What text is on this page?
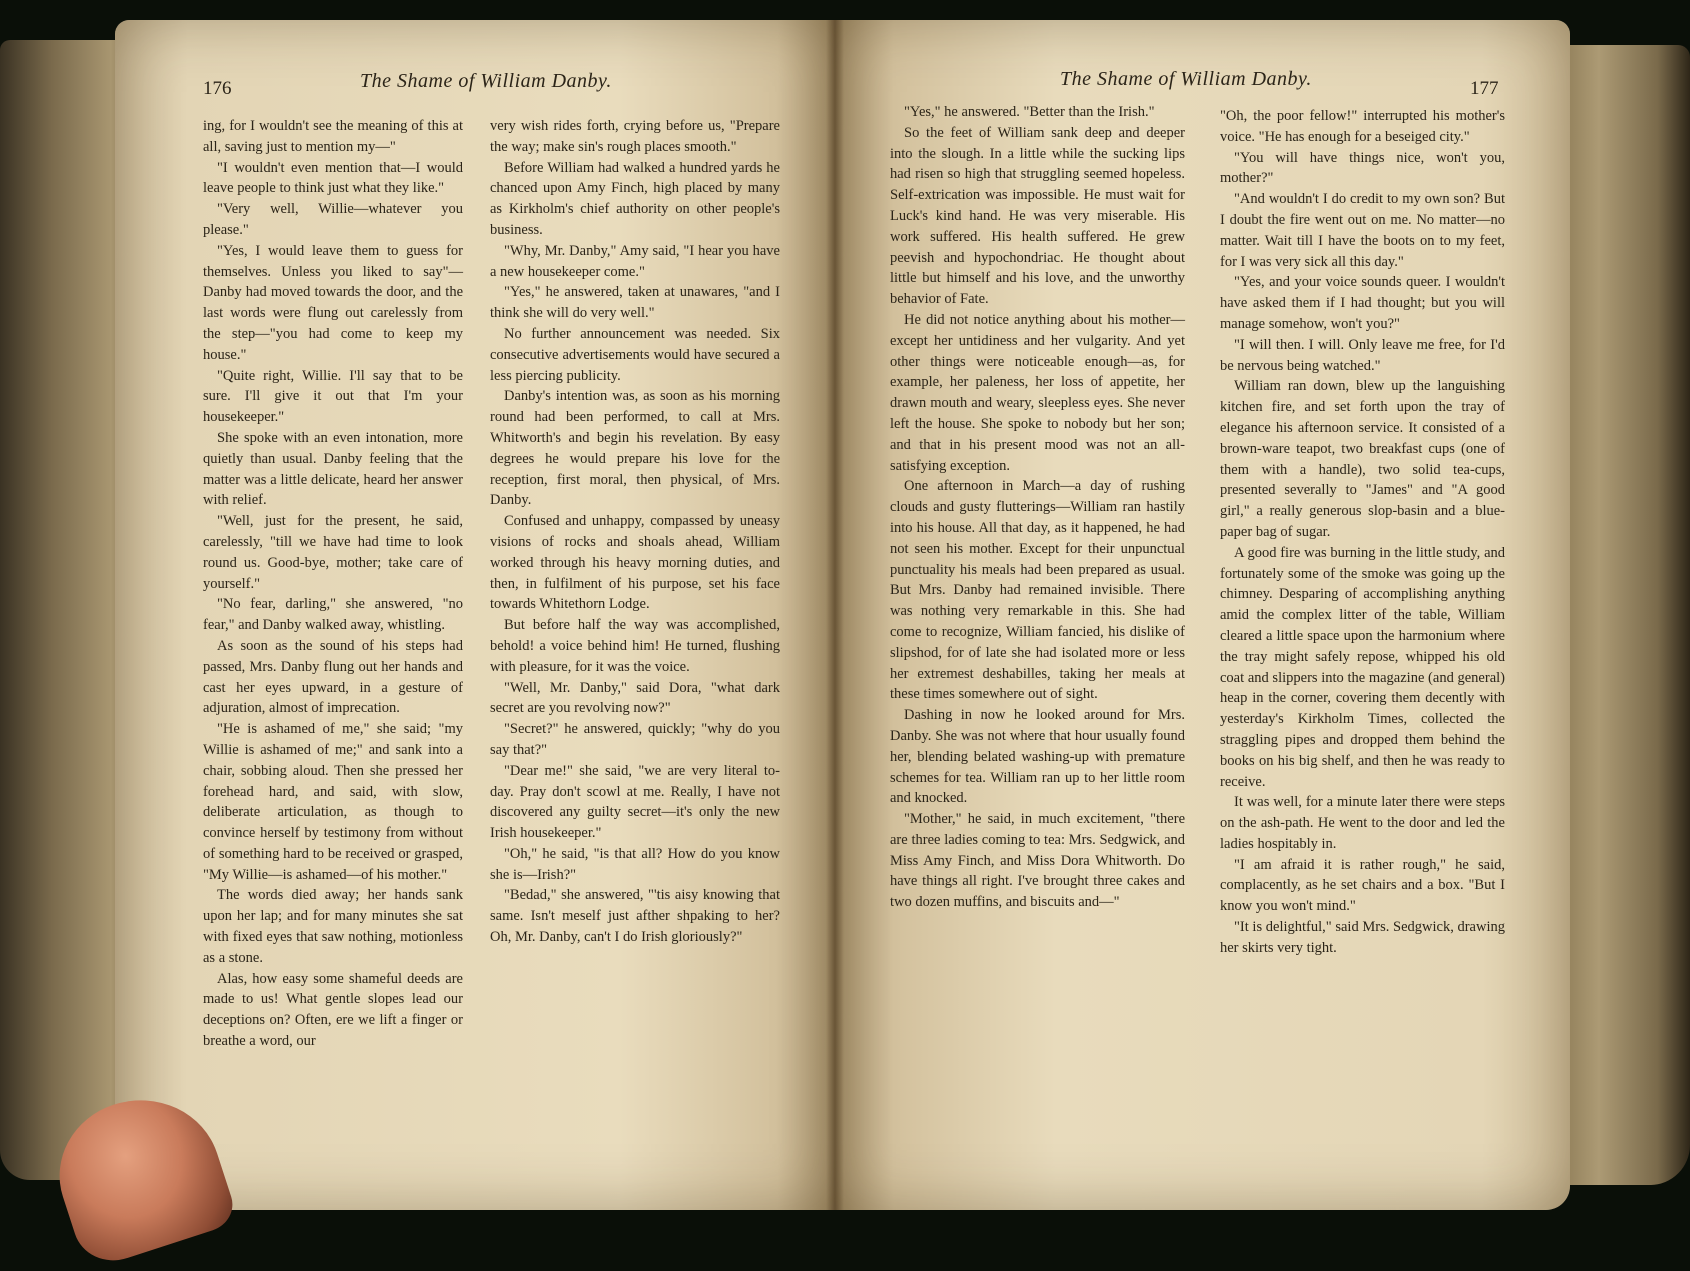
176	The Shame of William Danby.

ing, for I wouldn't see the meaning of this at all, saving just to mention my—"

"I wouldn't even mention that—I would leave people to think just what they like."

"Very well, Willie—whatever you please."

"Yes, I would leave them to guess for themselves. Unless you liked to say"—Danby had moved towards the door, and the last words were flung out carelessly from the step—"you had come to keep my house."

"Quite right, Willie. I'll say that to be sure. I'll give it out that I'm your housekeeper."

She spoke with an even intonation, more quietly than usual. Danby feeling that the matter was a little delicate, heard her answer with relief.

"Well, just for the present, he said, carelessly, "till we have had time to look round us. Good-bye, mother; take care of yourself."

"No fear, darling," she answered, "no fear," and Danby walked away, whistling.

As soon as the sound of his steps had passed, Mrs. Danby flung out her hands and cast her eyes upward, in a gesture of adjuration, almost of imprecation.

"He is ashamed of me," she said; "my Willie is ashamed of me;" and sank into a chair, sobbing aloud. Then she pressed her forehead hard, and said, with slow, deliberate articulation, as though to convince herself by testimony from without of something hard to be received or grasped, "My Willie—is ashamed—of his mother."

The words died away; her hands sank upon her lap; and for many minutes she sat with fixed eyes that saw nothing, motionless as a stone.

Alas, how easy some shameful deeds are made to us! What gentle slopes lead our deceptions on? Often, ere we lift a finger or breathe a word, our

very wish rides forth, crying before us, "Prepare the way; make sin's rough places smooth."

Before William had walked a hundred yards he chanced upon Amy Finch, high placed by many as Kirkholm's chief authority on other people's business.

"Why, Mr. Danby," Amy said, "I hear you have a new housekeeper come."

"Yes," he answered, taken at unawares, "and I think she will do very well."

No further announcement was needed. Six consecutive advertisements would have secured a less piercing publicity.

Danby's intention was, as soon as his morning round had been performed, to call at Mrs. Whitworth's and begin his revelation. By easy degrees he would prepare his love for the reception, first moral, then physical, of Mrs. Danby.

Confused and unhappy, compassed by uneasy visions of rocks and shoals ahead, William worked through his heavy morning duties, and then, in fulfilment of his purpose, set his face towards Whitethorn Lodge.

But before half the way was accomplished, behold! a voice behind him! He turned, flushing with pleasure, for it was the voice.

"Well, Mr. Danby," said Dora, "what dark secret are you revolving now?"

"Secret?" he answered, quickly; "why do you say that?"

"Dear me!" she said, "we are very literal to-day. Pray don't scowl at me. Really, I have not discovered any guilty secret—it's only the new Irish housekeeper."

"Oh," he said, "is that all? How do you know she is—Irish?"

"Bedad," she answered, "'tis aisy knowing that same. Isn't meself just afther shpaking to her? Oh, Mr. Danby, can't I do Irish gloriously?"

The Shame of William Danby.	177

"Yes," he answered. "Better than the Irish."

So the feet of William sank deep and deeper into the slough. In a little while the sucking lips had risen so high that struggling seemed hopeless. Self-extrication was impossible. He must wait for Luck's kind hand. He was very miserable. His work suffered. His health suffered. He grew peevish and hypochondriac. He thought about little but himself and his love, and the unworthy behavior of Fate.

He did not notice anything about his mother—except her untidiness and her vulgarity. And yet other things were noticeable enough—as, for example, her paleness, her loss of appetite, her drawn mouth and weary, sleepless eyes. She never left the house. She spoke to nobody but her son; and that in his present mood was not an all-satisfying exception.

One afternoon in March—a day of rushing clouds and gusty flutterings—William ran hastily into his house. All that day, as it happened, he had not seen his mother. Except for their unpunctual punctuality his meals had been prepared as usual. But Mrs. Danby had remained invisible. There was nothing very remarkable in this. She had come to recognize, William fancied, his dislike of slipshod, for of late she had isolated more or less her extremest deshabilles, taking her meals at these times somewhere out of sight.

Dashing in now he looked around for Mrs. Danby. She was not where that hour usually found her, blending belated washing-up with premature schemes for tea. William ran up to her little room and knocked.

"Mother," he said, in much excitement, "there are three ladies coming to tea: Mrs. Sedgwick, and Miss Amy Finch, and Miss Dora Whitworth. Do have things all right. I've brought three cakes and two dozen muffins, and biscuits and—"

"Oh, the poor fellow!" interrupted his mother's voice. "He has enough for a beseiged city."

"You will have things nice, won't you, mother?"

"And wouldn't I do credit to my own son? But I doubt the fire went out on me. No matter—no matter. Wait till I have the boots on to my feet, for I was very sick all this day."

"Yes, and your voice sounds queer. I wouldn't have asked them if I had thought; but you will manage somehow, won't you?"

"I will then. I will. Only leave me free, for I'd be nervous being watched."

William ran down, blew up the languishing kitchen fire, and set forth upon the tray of elegance his afternoon service. It consisted of a brown-ware teapot, two breakfast cups (one of them with a handle), two solid tea-cups, presented severally to "James" and "A good girl," a really generous slop-basin and a blue-paper bag of sugar.

A good fire was burning in the little study, and fortunately some of the smoke was going up the chimney. Desparing of accomplishing anything amid the complex litter of the table, William cleared a little space upon the harmonium where the tray might safely repose, whipped his old coat and slippers into the magazine (and general) heap in the corner, covering them decently with yesterday's Kirkholm Times, collected the straggling pipes and dropped them behind the books on his big shelf, and then he was ready to receive.

It was well, for a minute later there were steps on the ash-path. He went to the door and led the ladies hospitably in.

"I am afraid it is rather rough," he said, complacently, as he set chairs and a box. "But I know you won't mind."

"It is delightful," said Mrs. Sedgwick, drawing her skirts very tight.
